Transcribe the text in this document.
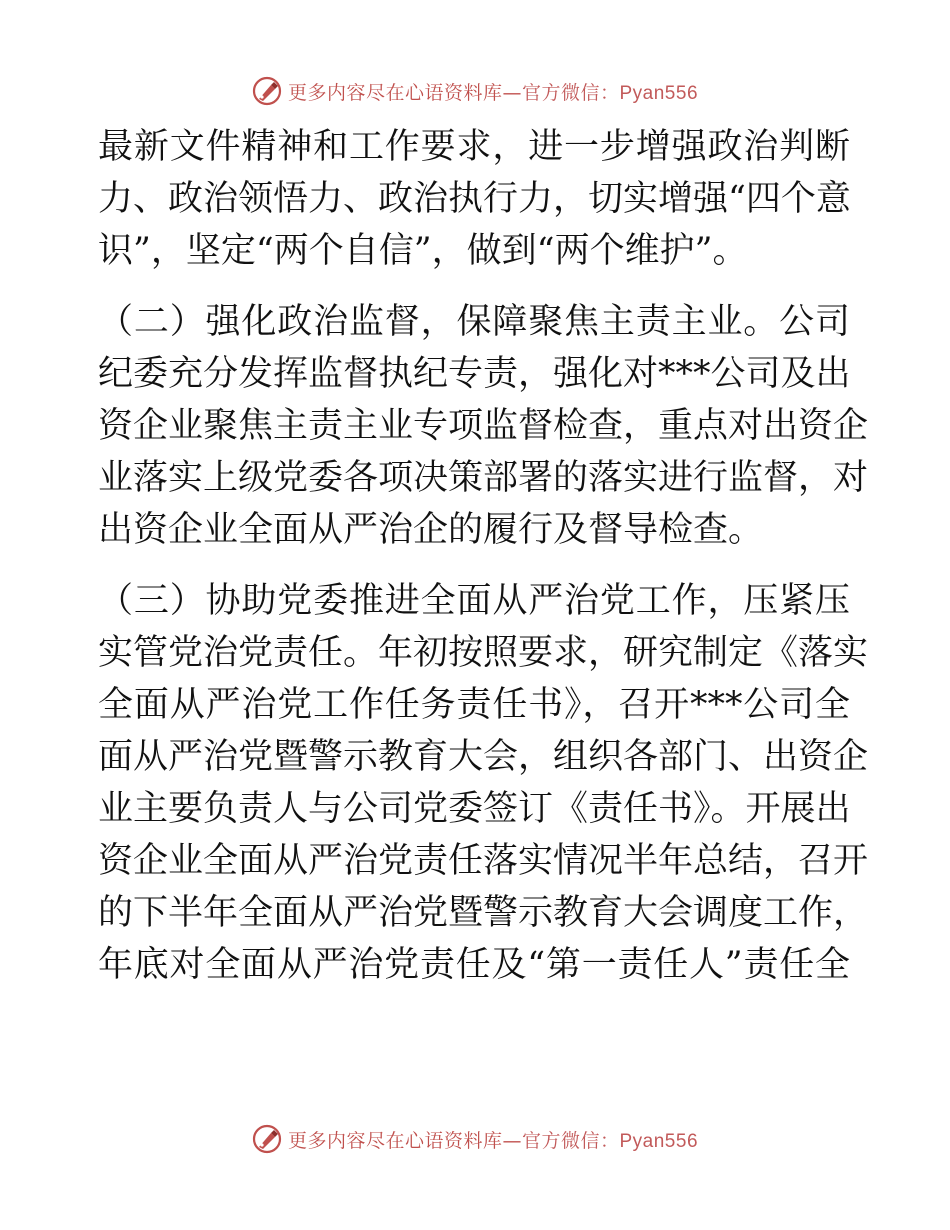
更多内容尽在心语资料库—官方微信：Pyan556
最新文件精神和工作要求，进一步增强政治判断
力、政治领悟力、政治执行力，切实增强“四个意
识”，坚定“两个自信”，做到“两个维护”。
（二）强化政治监督，保障聚焦主责主业。公司
纪委充分发挥监督执纪专责，强化对***公司及出
资企业聚焦主责主业专项监督检查，重点对出资企
业落实上级党委各项决策部署的落实进行监督，对
出资企业全面从严治企的履行及督导检查。
（三）协助党委推进全面从严治党工作，压紧压
实管党治党责任。年初按照要求，研究制定《落实
全面从严治党工作任务责任书》，召开***公司全
面从严治党暨警示教育大会，组织各部门、出资企
业主要负责人与公司党委签订《责任书》。开展出
资企业全面从严治党责任落实情况半年总结，召开
的下半年全面从严治党暨警示教育大会调度工作，
年底对全面从严治党责任及“第一责任人”责任全
更多内容尽在心语资料库—官方微信：Pyan556
